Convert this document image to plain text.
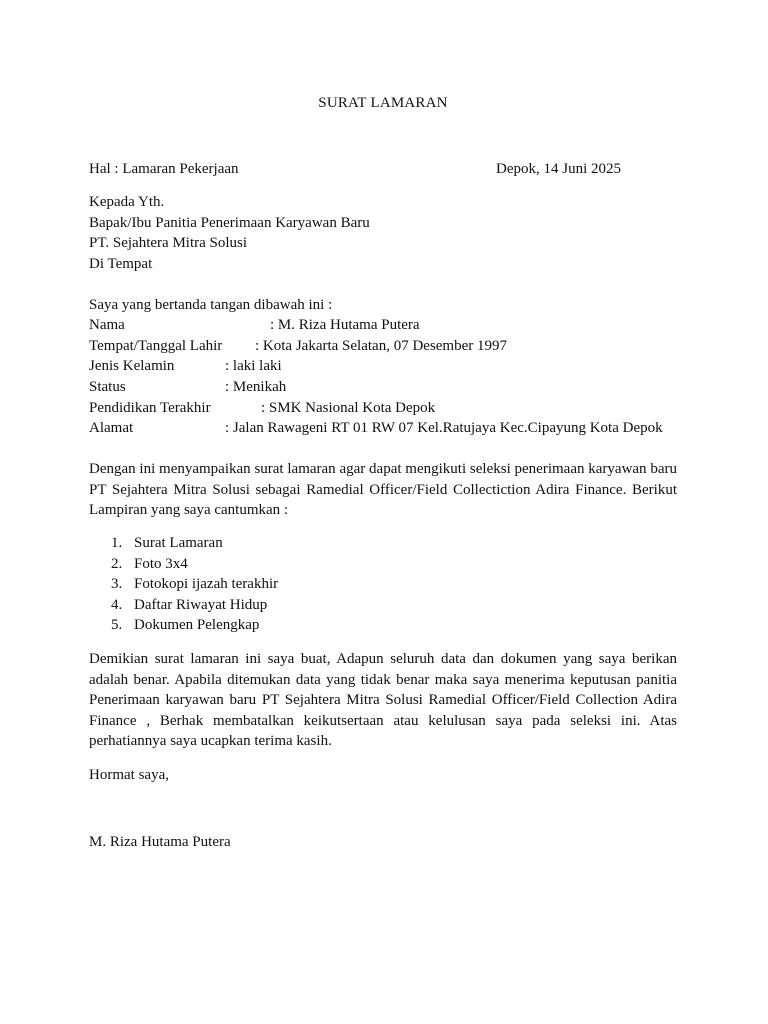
SURAT LAMARAN
Hal : Lamaran Pekerjaan	Depok, 14 Juni 2025
Kepada Yth.
Bapak/Ibu Panitia Penerimaan Karyawan Baru
PT. Sejahtera Mitra Solusi
Di Tempat
Saya yang bertanda tangan dibawah ini :
Nama	: M. Riza Hutama Putera
Tempat/Tanggal Lahir : Kota Jakarta Selatan, 07 Desember 1997
Jenis Kelamin	: laki laki
Status	: Menikah
Pendidikan Terakhir	: SMK Nasional Kota Depok
Alamat	: Jalan Rawageni RT 01 RW 07 Kel.Ratujaya Kec.Cipayung Kota Depok
Dengan ini menyampaikan surat lamaran agar dapat mengikuti seleksi penerimaan karyawan baru PT Sejahtera Mitra Solusi sebagai Ramedial Officer/Field Collectiction Adira Finance. Berikut Lampiran yang saya cantumkan :
1. Surat Lamaran
2. Foto 3x4
3. Fotokopi ijazah terakhir
4. Daftar Riwayat Hidup
5. Dokumen Pelengkap
Demikian surat lamaran ini saya buat, Adapun seluruh data dan dokumen yang saya berikan adalah benar. Apabila ditemukan data yang tidak benar maka saya menerima keputusan panitia Penerimaan karyawan baru PT Sejahtera Mitra Solusi Ramedial Officer/Field Collection Adira Finance , Berhak membatalkan keikutsertaan atau kelulusan saya pada seleksi ini. Atas perhatiannya saya ucapkan terima kasih.
Hormat saya,
M. Riza Hutama Putera
